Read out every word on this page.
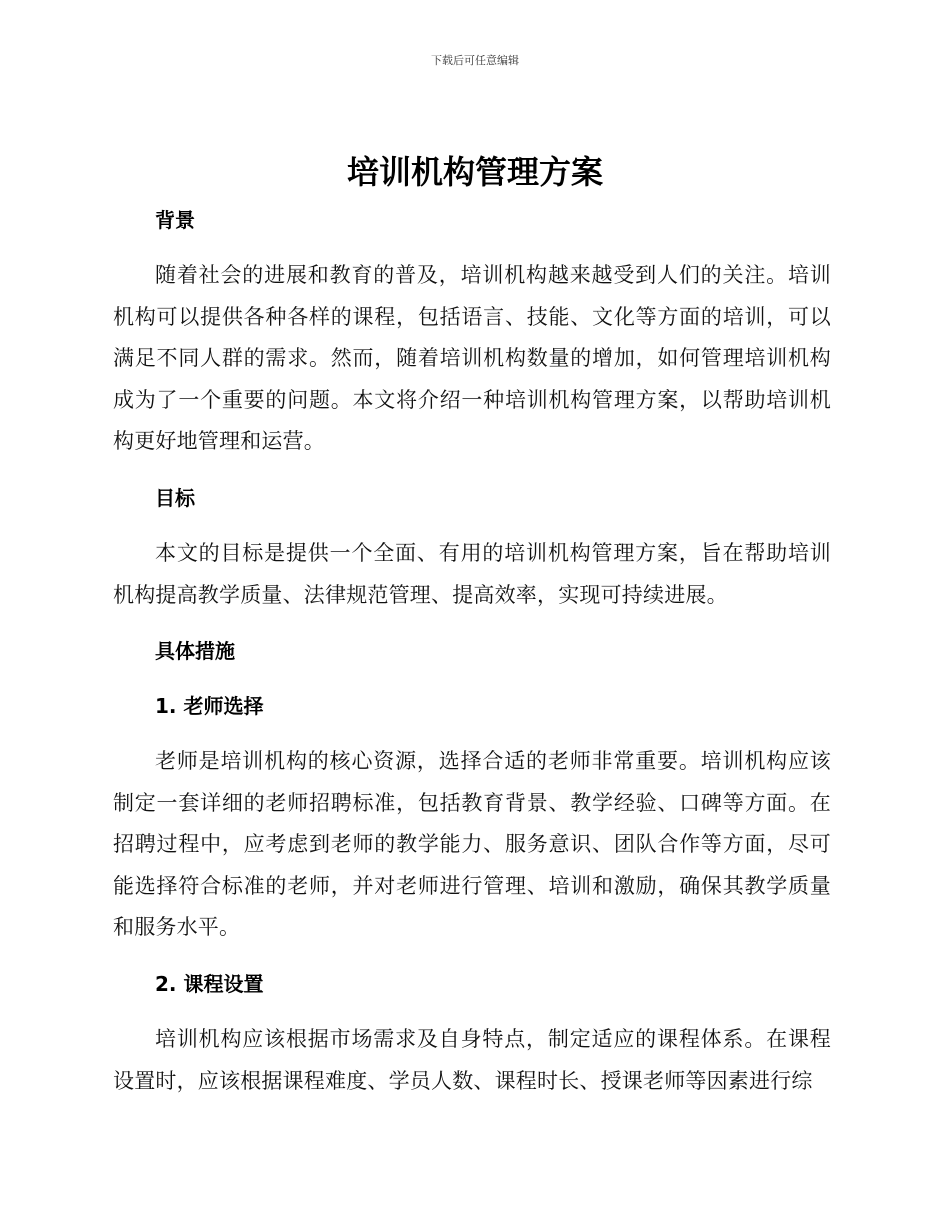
下载后可任意编辑
培训机构管理方案
背景

随着社会的进展和教育的普及，培训机构越来越受到人们的关注。培训机构可以提供各种各样的课程，包括语言、技能、文化等方面的培训，可以满足不同人群的需求。然而，随着培训机构数量的增加，如何管理培训机构成为了一个重要的问题。本文将介绍一种培训机构管理方案，以帮助培训机构更好地管理和运营。

目标

本文的目标是提供一个全面、有用的培训机构管理方案，旨在帮助培训机构提高教学质量、法律规范管理、提高效率，实现可持续进展。

具体措施
1. 老师选择

老师是培训机构的核心资源，选择合适的老师非常重要。培训机构应该制定一套详细的老师招聘标准，包括教育背景、教学经验、口碑等方面。在招聘过程中，应考虑到老师的教学能力、服务意识、团队合作等方面，尽可能选择符合标准的老师，并对老师进行管理、培训和激励，确保其教学质量和服务水平。

2. 课程设置

培训机构应该根据市场需求及自身特点，制定适应的课程体系。在课程设置时，应该根据课程难度、学员人数、课程时长、授课老师等因素进行综
